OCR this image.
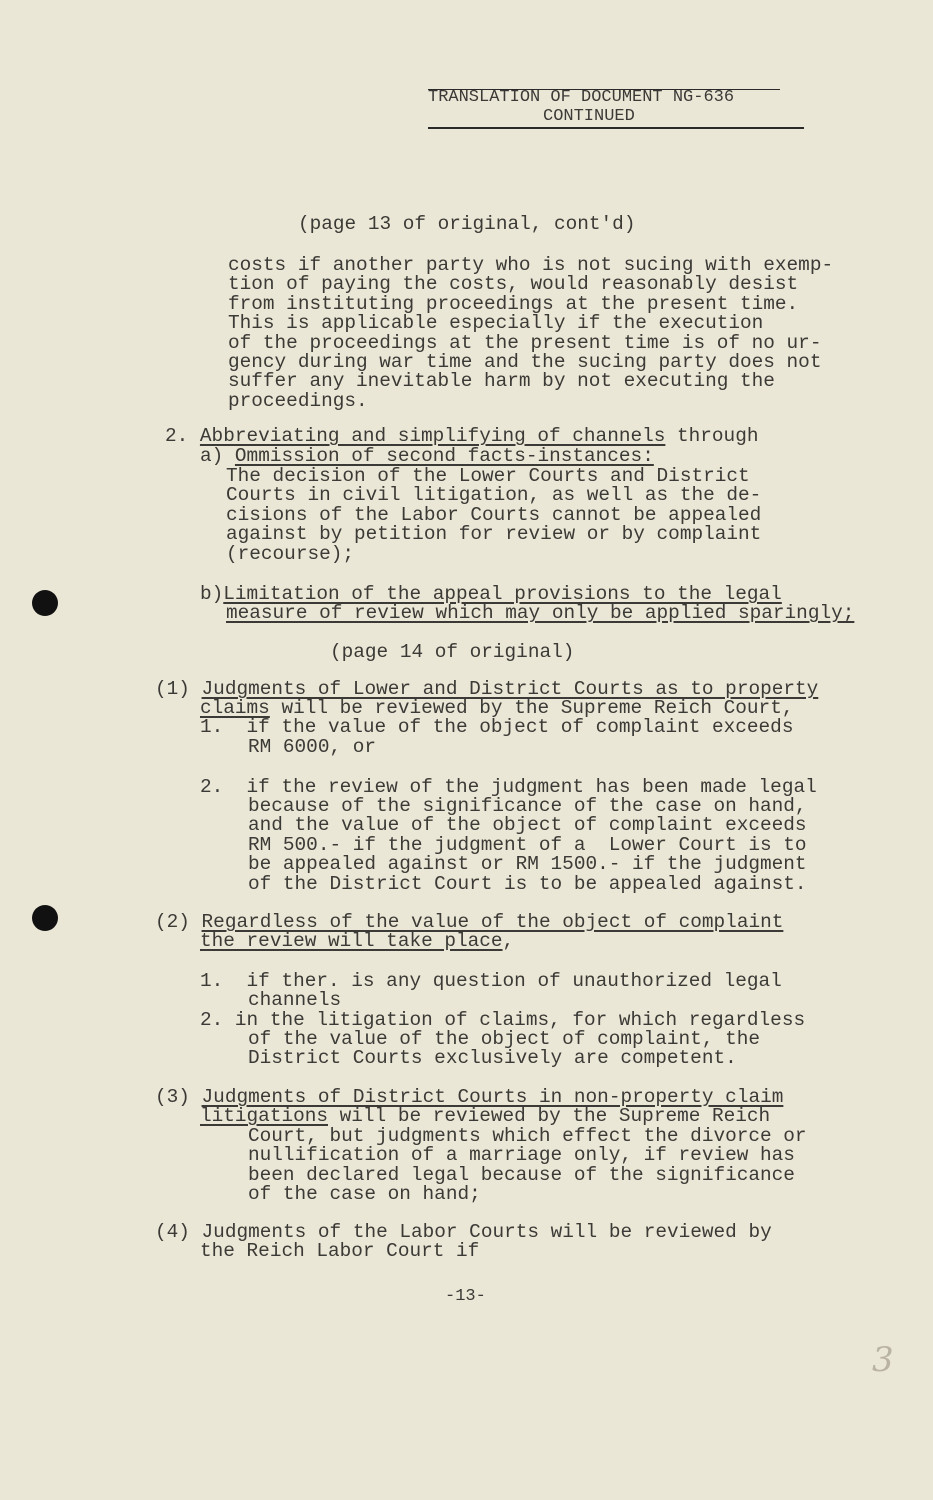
TRANSLATION OF DOCUMENT NG-636
CONTINUED
(page 13 of original, cont'd)
costs if another party who is not sucing with exemp-
tion of paying the costs, would reasonably desist
from instituting proceedings at the present time.
This is applicable especially if the execution
of the proceedings at the present time is of no ur-
gency during war time and the sucing party does not
suffer any inevitable harm by not executing the
proceedings.
2. Abbreviating and simplifying of channels through
a) Ommission of second facts-instances:
The decision of the Lower Courts and District
Courts in civil litigation, as well as the de-
cisions of the Labor Courts cannot be appealed
against by petition for review or by complaint
(recourse);
b)Limitation of the appeal provisions to the legal
measure of review which may only be applied sparingly;
(page 14 of original)
(1) Judgments of Lower and District Courts as to property
claims will be reviewed by the Supreme Reich Court,
1.  if the value of the object of complaint exceeds
RM 6000, or
2.  if the review of the judgment has been made legal
because of the significance of the case on hand,
and the value of the object of complaint exceeds
RM 500.- if the judgment of a  Lower Court is to
be appealed against or RM 1500.- if the judgment
of the District Court is to be appealed against.
(2) Regardless of the value of the object of complaint
the review will take place,
1.  if ther. is any question of unauthorized legal
channels
2. in the litigation of claims, for which regardless
of the value of the object of complaint, the
District Courts exclusively are competent.
(3) Judgments of District Courts in non-property claim
litigations will be reviewed by the Supreme Reich
Court, but judgments which effect the divorce or
nullification of a marriage only, if review has
been declared legal because of the significance
of the case on hand;
(4) Judgments of the Labor Courts will be reviewed by
the Reich Labor Court if
-13-
3
